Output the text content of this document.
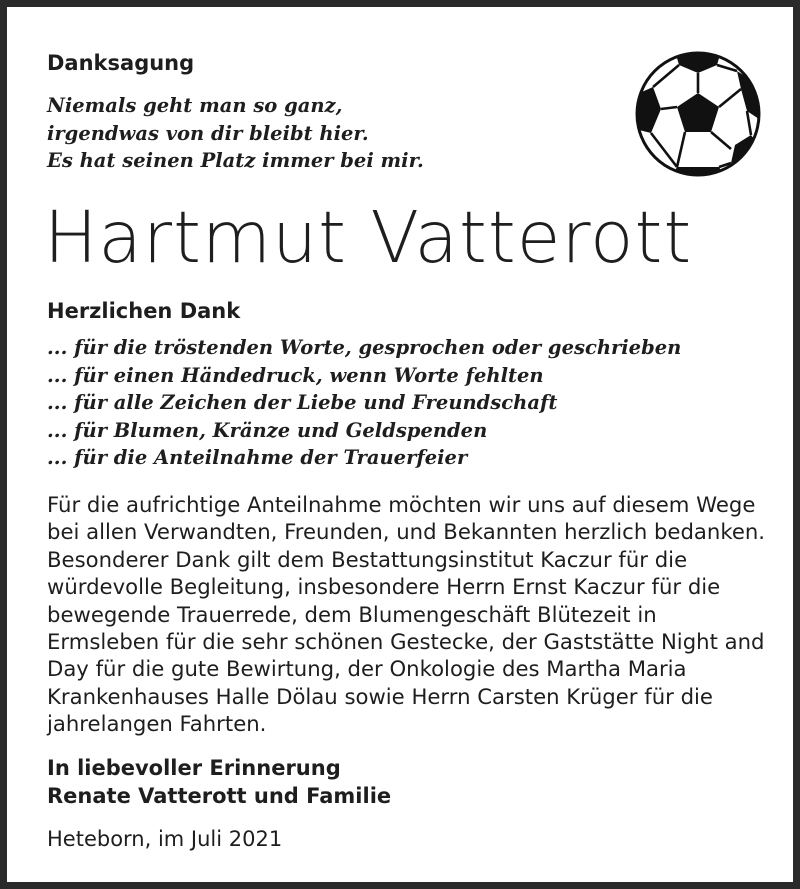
Danksagung
Niemals geht man so ganz,
irgendwas von dir bleibt hier.
Es hat seinen Platz immer bei mir.
Hartmut Vatterott
Herzlichen Dank
... für die tröstenden Worte, gesprochen oder geschrieben
... für einen Händedruck, wenn Worte fehlten
... für alle Zeichen der Liebe und Freundschaft
... für Blumen, Kränze und Geldspenden
... für die Anteilnahme der Trauerfeier
Für die aufrichtige Anteilnahme möchten wir uns auf diesem Wege
bei allen Verwandten, Freunden, und Bekannten herzlich bedanken.
Besonderer Dank gilt dem Bestattungsinstitut Kaczur für die
würdevolle Begleitung, insbesondere Herrn Ernst Kaczur für die
bewegende Trauerrede, dem Blumengeschäft Blütezeit in
Ermsleben für die sehr schönen Gestecke, der Gaststätte Night and
Day für die gute Bewirtung, der Onkologie des Martha Maria
Krankenhauses Halle Dölau sowie Herrn Carsten Krüger für die
jahrelangen Fahrten.
In liebevoller Erinnerung
Renate Vatterott und Familie
Heteborn, im Juli 2021
